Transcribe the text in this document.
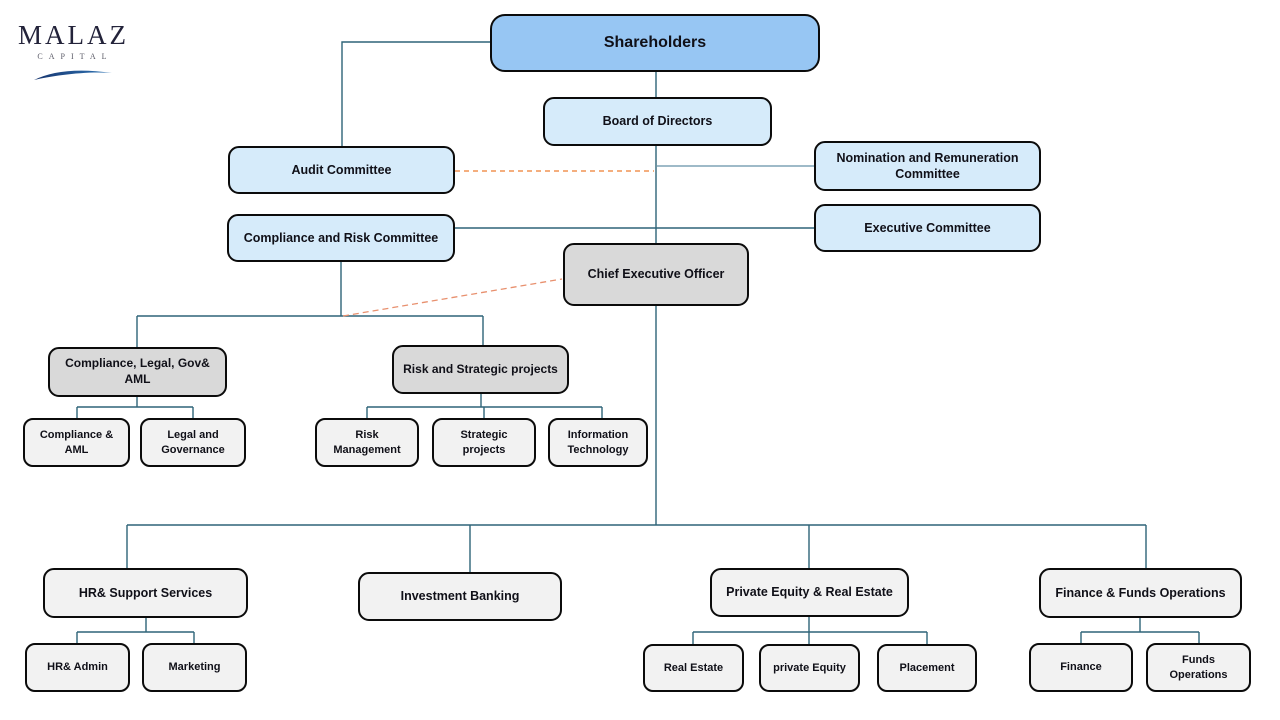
MALAZ
CAPITAL
Shareholders
Board of Directors
Audit Committee
Compliance and Risk Committee
Nomination and Remuneration Committee
Executive Committee
Chief Executive Officer
Compliance, Legal, Gov& AML
Compliance & AML
Legal and Governance
Risk and Strategic projects
Risk Management
Strategic projects
Information Technology
HR& Support Services
HR& Admin	Marketing
Investment Banking	Private Equity & Real Estate
Real Estate	private Equity	Placement
Finance & Funds Operations
Finance
Funds Operations
